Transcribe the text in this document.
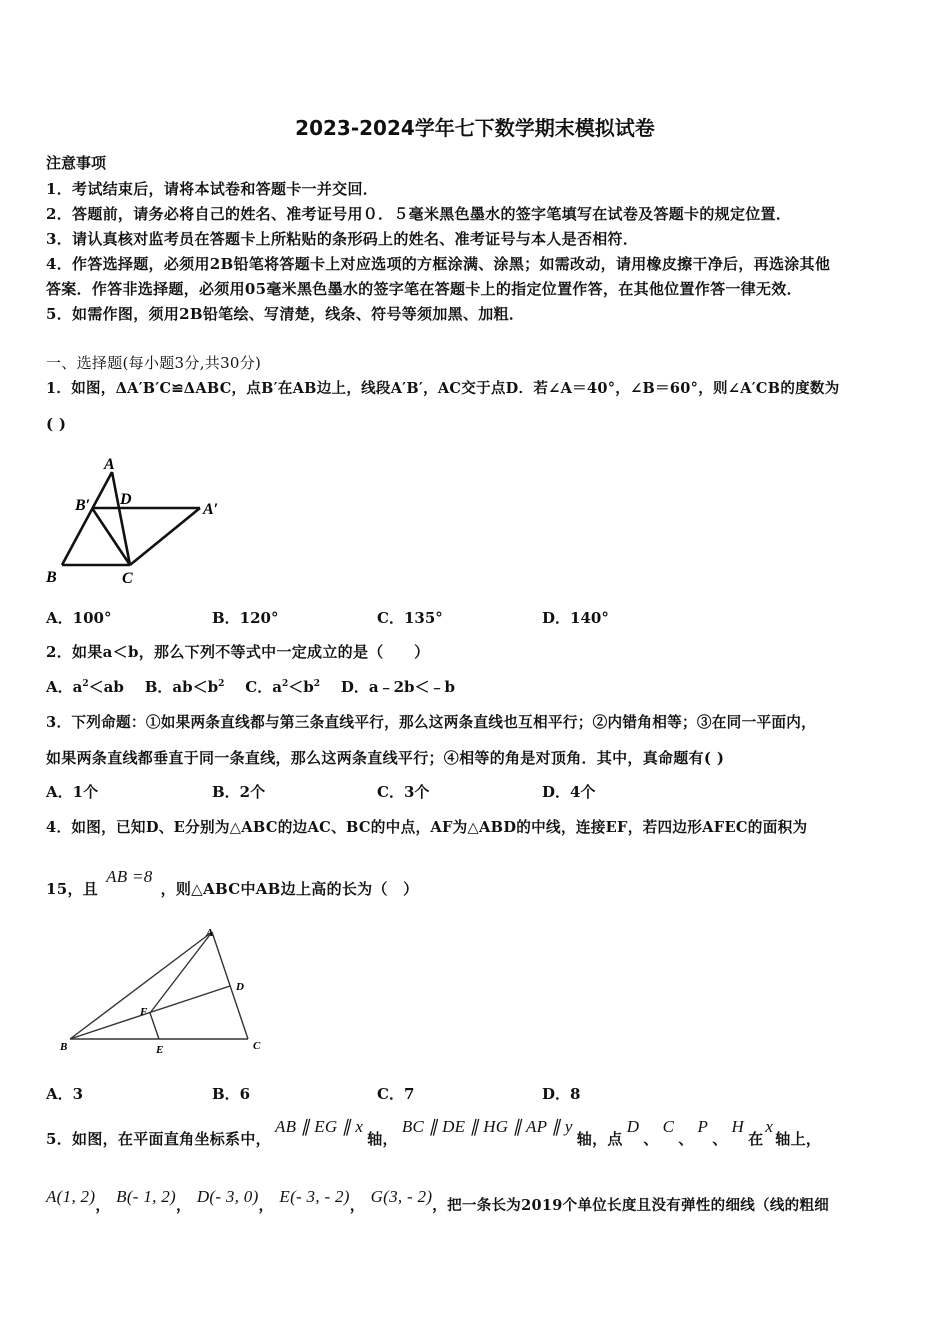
2023-2024学年七下数学期末模拟试卷
注意事项
1．考试结束后，请将本试卷和答题卡一并交回．
2．答题前，请务必将自己的姓名、准考证号用０．５毫米黑色墨水的签字笔填写在试卷及答题卡的规定位置．
3．请认真核对监考员在答题卡上所粘贴的条形码上的姓名、准考证号与本人是否相符．
4．作答选择题，必须用2B铅笔将答题卡上对应选项的方框涂满、涂黑；如需改动，请用橡皮擦干净后，再选涂其他
答案．作答非选择题，必须用05毫米黑色墨水的签字笔在答题卡上的指定位置作答，在其他位置作答一律无效．
5．如需作图，须用2B铅笔绘、写清楚，线条、符号等须加黑、加粗．
一、选择题(每小题3分,共30分)
1．如图，ΔA′B′C≌ΔABC，点B′在AB边上，线段A′B′，AC交于点D．若∠A＝40°，∠B＝60°，则∠A′CB的度数为
( )
A
B′ D
A′
B	C
A．100°	B．120°	C．135°	D．140°
2．如果a＜b，那么下列不等式中一定成立的是（　　）
A．$a^2<ab$ B．$ab<b^2$ C．$a^2<b^2$ D．a﹣2b＜﹣b
3．下列命题：①如果两条直线都与第三条直线平行，那么这两条直线也互相平行；②内错角相等；③在同一平面内，
如果两条直线都垂直于同一条直线，那么这两条直线平行；④相等的角是对顶角．其中，真命题有( )
A．1个	B．2个	C．3个	D．4个
4．如图，已知D、E分别为△ABC的边AC、BC的中点，AF为△ABD的中线，连接EF，若四边形AFEC的面积为
15，且AB =8，则△ABC中AB边上高的长为（　）
A
D
F
B	E	C
A．3	B．6	C．7	D．8
5．如图，在平面直角坐标系中，AB ∥ EG ∥ x轴，BC ∥ DE ∥ HG ∥ AP ∥ y轴，点D、C、P、H在x轴上，
A(1, 2)， B(- 1, 2)， D(- 3, 0)， E(- 3, - 2)， G(3, - 2)，把一条长为2019个单位长度且没有弹性的细线（线的粗细
